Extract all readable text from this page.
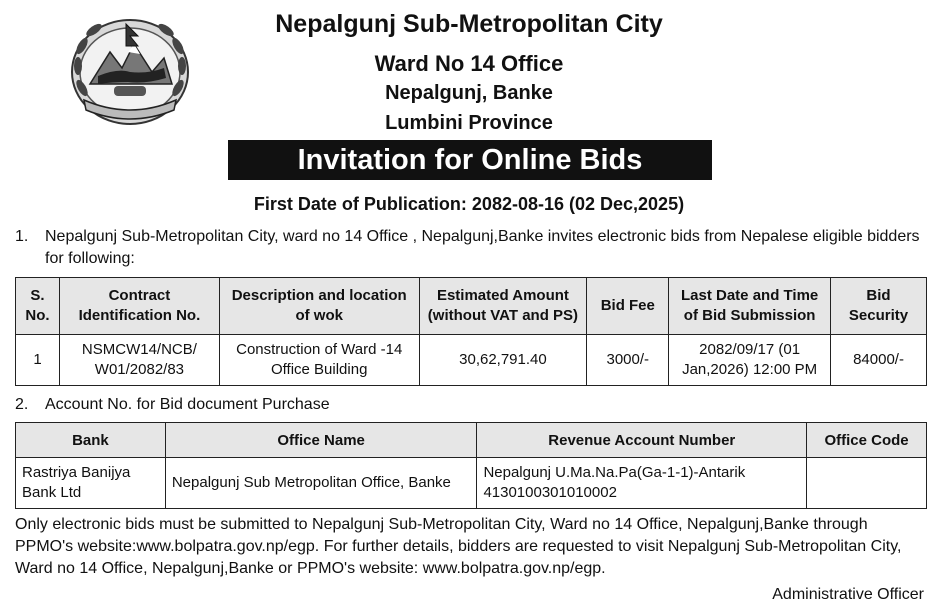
Nepalgunj Sub-Metropolitan City
Ward No 14 Office
Nepalgunj, Banke
Lumbini Province
Invitation for Online Bids
First Date of Publication: 2082-08-16 (02 Dec,2025)
1.	Nepalgunj Sub-Metropolitan City, ward no 14 Office , Nepalgunj,Banke invites electronic bids from Nepalese eligible bidders for following:
S. No.	Contract Identification No.	Description and location of wok	Estimated Amount (without VAT and PS)	Bid Fee	Last Date and Time of Bid Submission	Bid Security
1	NSMCW14/NCB/ W01/2082/83	Construction of Ward -14 Office Building	30,62,791.40	3000/-	2082/09/17 (01 Jan,2026) 12:00 PM	84000/-
2.	Account No. for Bid document Purchase
Bank	Office Name	Revenue Account Number	Office Code
Rastriya Banijya Bank Ltd	Nepalgunj Sub Metropolitan Office, Banke	Nepalgunj U.Ma.Na.Pa(Ga-1-1)-Antarik 4130100301010002	
Only electronic bids must be submitted to Nepalgunj Sub-Metropolitan City, Ward no 14 Office, Nepalgunj,Banke through PPMO's website:www.bolpatra.gov.np/egp. For further details, bidders are requested to visit Nepalgunj Sub-Metropolitan City, Ward no 14 Office, Nepalgunj,Banke or PPMO's website: www.bolpatra.gov.np/egp.
Administrative Officer
